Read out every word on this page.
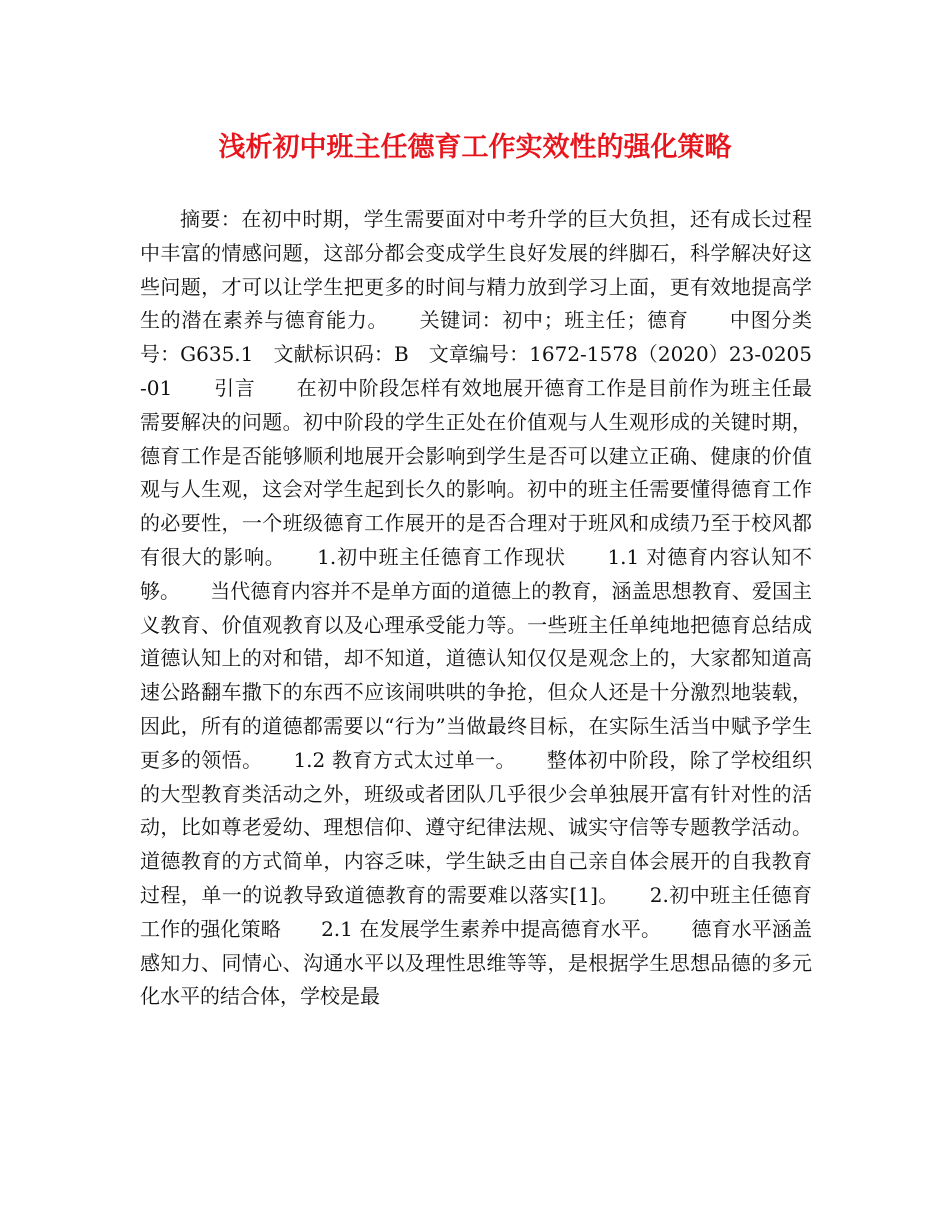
浅析初中班主任德育工作实效性的强化策略

摘要：在初中时期，学生需要面对中考升学的巨大负担，还有成长过程中丰富的情感问题，这部分都会变成学生良好发展的绊脚石，科学解决好这些问题，才可以让学生把更多的时间与精力放到学习上面，更有效地提高学生的潜在素养与德育能力。　　关键词：初中；班主任；德育　　中图分类号：G635.1　文献标识码：B　文章编号：1672-1578（2020）23-0205-01　　引言　　在初中阶段怎样有效地展开德育工作是目前作为班主任最需要解决的问题。初中阶段的学生正处在价值观与人生观形成的关键时期，德育工作是否能够顺利地展开会影响到学生是否可以建立正确、健康的价值观与人生观，这会对学生起到长久的影响。初中的班主任需要懂得德育工作的必要性，一个班级德育工作展开的是否合理对于班风和成绩乃至于校风都有很大的影响。　　1.初中班主任德育工作现状　　1.1 对德育内容认知不够。　　当代德育内容并不是单方面的道德上的教育，涵盖思想教育、爱国主义教育、价值观教育以及心理承受能力等。一些班主任单纯地把德育总结成道德认知上的对和错，却不知道，道德认知仅仅是观念上的，大家都知道高速公路翻车撒下的东西不应该闹哄哄的争抢，但众人还是十分激烈地装载，因此，所有的道德都需要以“行为”当做最终目标，在实际生活当中赋予学生更多的领悟。　　1.2 教育方式太过单一。　　整体初中阶段，除了学校组织的大型教育类活动之外，班级或者团队几乎很少会单独展开富有针对性的活动，比如尊老爱幼、理想信仰、遵守纪律法规、诚实守信等专题教学活动。道德教育的方式简单，内容乏味，学生缺乏由自己亲自体会展开的自我教育过程，单一的说教导致道德教育的需要难以落实[1]。　　2.初中班主任德育工作的强化策略　　2.1 在发展学生素养中提高德育水平。　　德育水平涵盖感知力、同情心、沟通水平以及理性思维等等，是根据学生思想品德的多元化水平的结合体，学校是最
